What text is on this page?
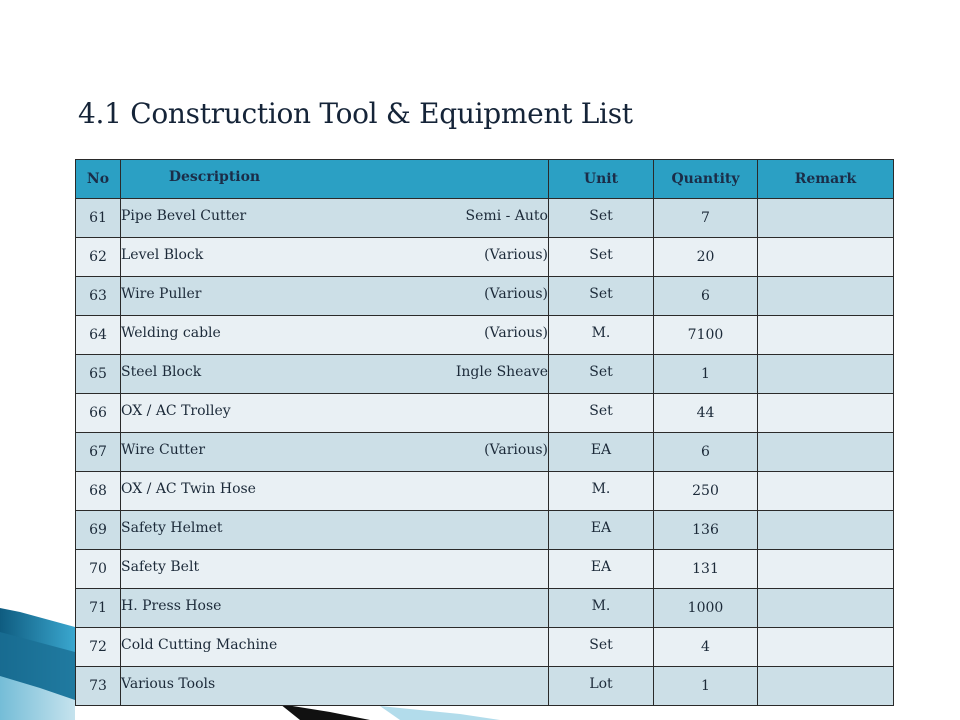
4.1 Construction Tool & Equipment List
No	Description	Unit	Quantity	Remark
61	Pipe Bevel Cutter Semi - Auto	Set	7	
62	Level Block (Various)	Set	20	
63	Wire Puller (Various)	Set	6	
64	Welding cable (Various)	M.	7100	
65	Steel Block Ingle Sheave	Set	1	
66	OX / AC Trolley	Set	44	
67	Wire Cutter (Various)	EA	6	
68	OX / AC Twin Hose	M.	250	
69	Safety Helmet	EA	136	
70	Safety Belt	EA	131	
71	H. Press Hose	M.	1000	
72	Cold Cutting Machine	Set	4	
73	Various Tools	Lot	1	
